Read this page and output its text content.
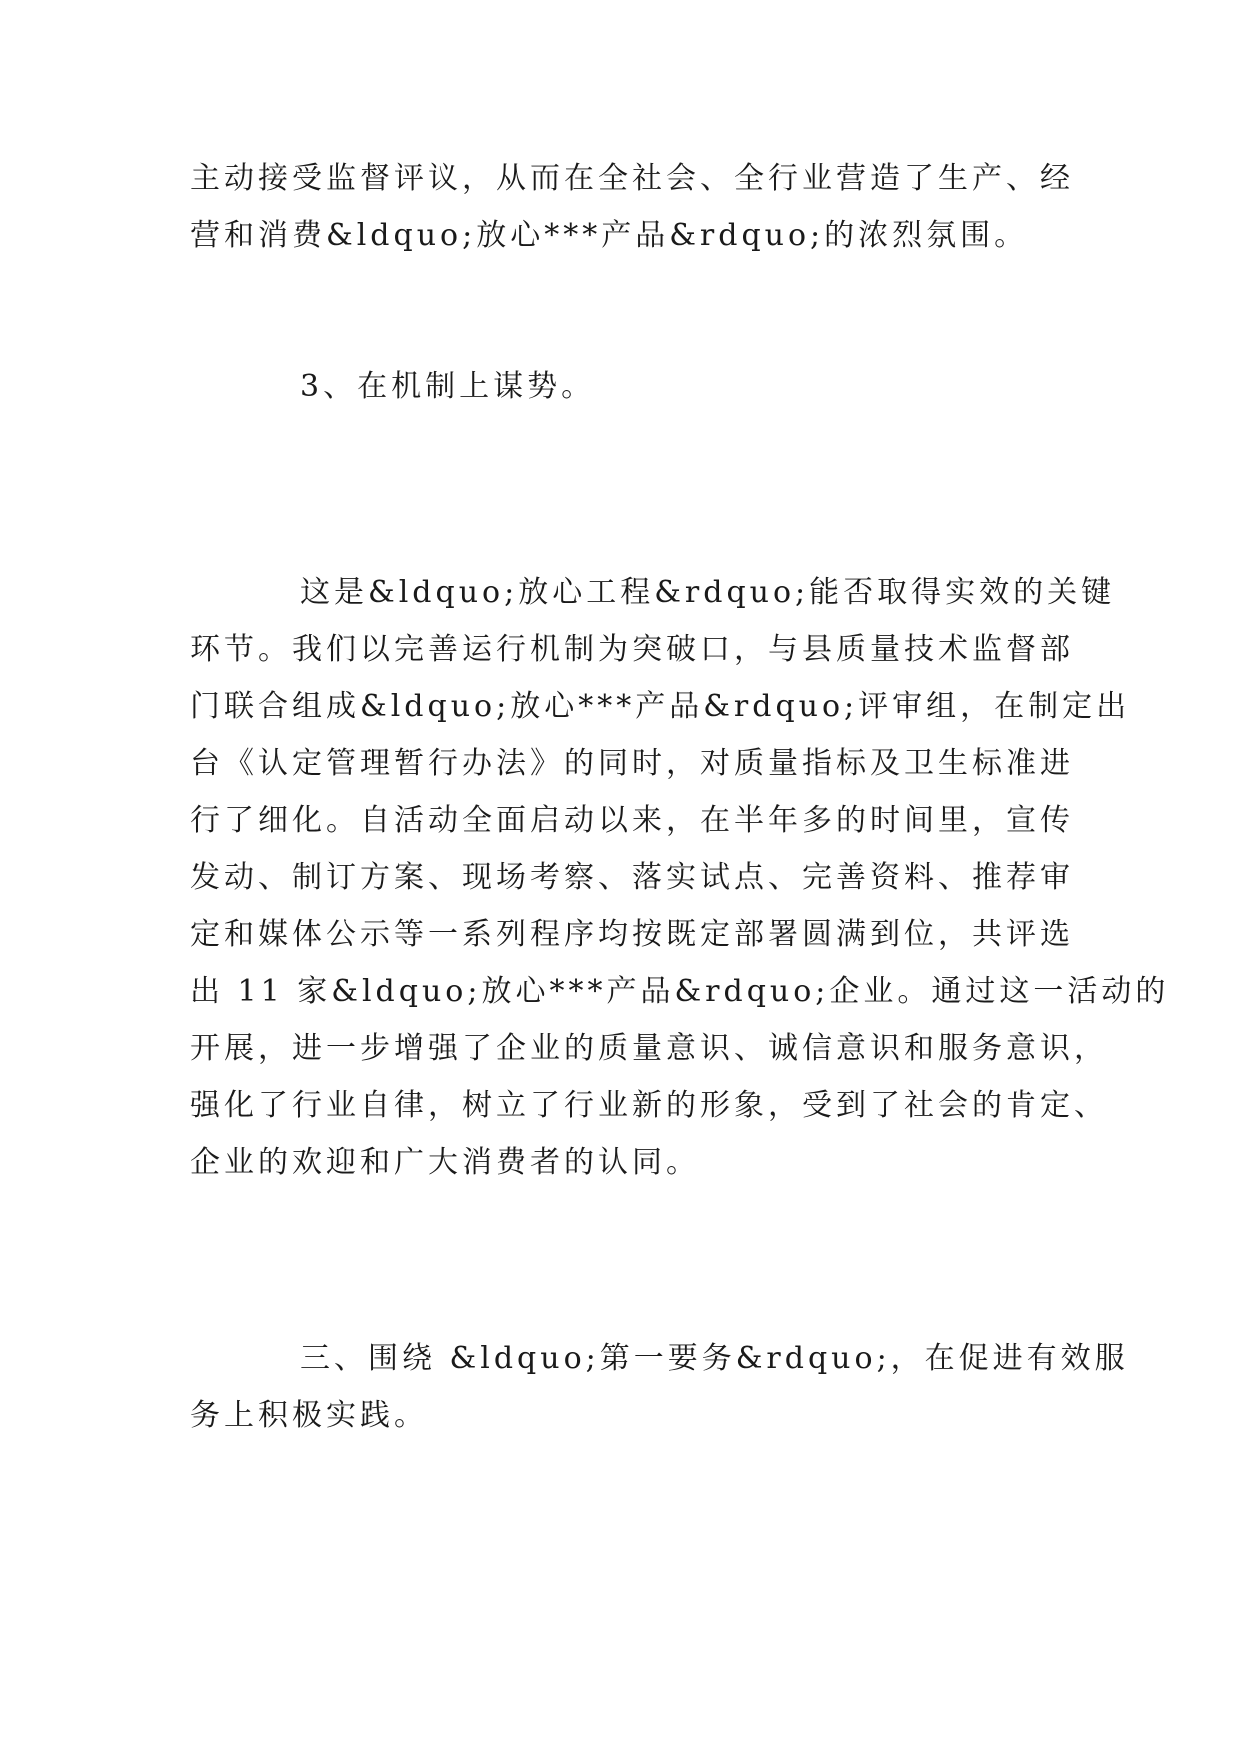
主动接受监督评议，从而在全社会、全行业营造了生产、经
营和消费&ldquo;放心***产品&rdquo;的浓烈氛围。
3、在机制上谋势。
这是&ldquo;放心工程&rdquo;能否取得实效的关键
环节。我们以完善运行机制为突破口，与县质量技术监督部
门联合组成&ldquo;放心***产品&rdquo;评审组，在制定出
台《认定管理暂行办法》的同时，对质量指标及卫生标准进
行了细化。自活动全面启动以来，在半年多的时间里，宣传
发动、制订方案、现场考察、落实试点、完善资料、推荐审
定和媒体公示等一系列程序均按既定部署圆满到位，共评选
出 11 家&ldquo;放心***产品&rdquo;企业。通过这一活动的
开展，进一步增强了企业的质量意识、诚信意识和服务意识，
强化了行业自律，树立了行业新的形象，受到了社会的肯定、
企业的欢迎和广大消费者的认同。
三、围绕 &ldquo;第一要务&rdquo;，在促进有效服
务上积极实践。
